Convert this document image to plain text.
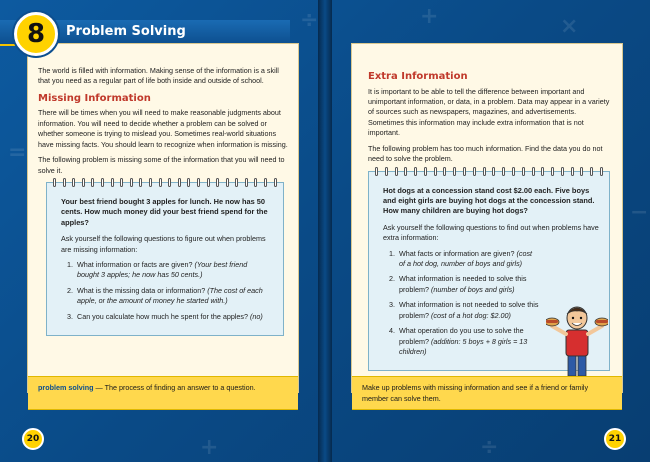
÷	+	×
=
−
+	÷
8	Problem Solving

The world is filled with information. Making sense of the information is a skill that you need as a regular part of life both inside and outside of school.

Missing Information

There will be times when you will need to make reasonable judgments about information. You will need to decide whether a problem can be solved or whether someone is trying to mislead you. Sometimes real-world situations have missing facts. You should learn to recognize when information is missing.

The following problem is missing some of the information that you will need to solve it.

Your best friend bought 3 apples for lunch. He now has 50 cents. How much money did your best friend spend for the apples?

Ask yourself the following questions to figure out when problems are missing information:

1. What information or facts are given? (Your best friend bought 3 apples; he now has 50 cents.)
2. What is the missing data or information? (The cost of each apple, or the amount of money he started with.)
3. Can you calculate how much he spent for the apples? (no)
problem solving — The process of finding an answer to a question.
20
Extra Information

It is important to be able to tell the difference between important and unimportant information, or data, in a problem. Data may appear in a variety of sources such as newspapers, magazines, and advertisements. Sometimes this information may include extra information that is not important.

The following problem has too much information. Find the data you do not need to solve the problem.

Hot dogs at a concession stand cost $2.00 each. Five boys and eight girls are buying hot dogs at the concession stand. How many children are buying hot dogs?

Ask yourself the following questions to find out when problems have extra information:

1. What facts or information are given? (cost of a hot dog, number of boys and girls)
2. What information is needed to solve this problem? (number of boys and girls)
3. What information is not needed to solve this problem? (cost of a hot dog: $2.00)
4. What operation do you use to solve the problem? (addition: 5 boys + 8 girls = 13 children)
Make up problems with missing information and see if a friend or family member can solve them.
21
